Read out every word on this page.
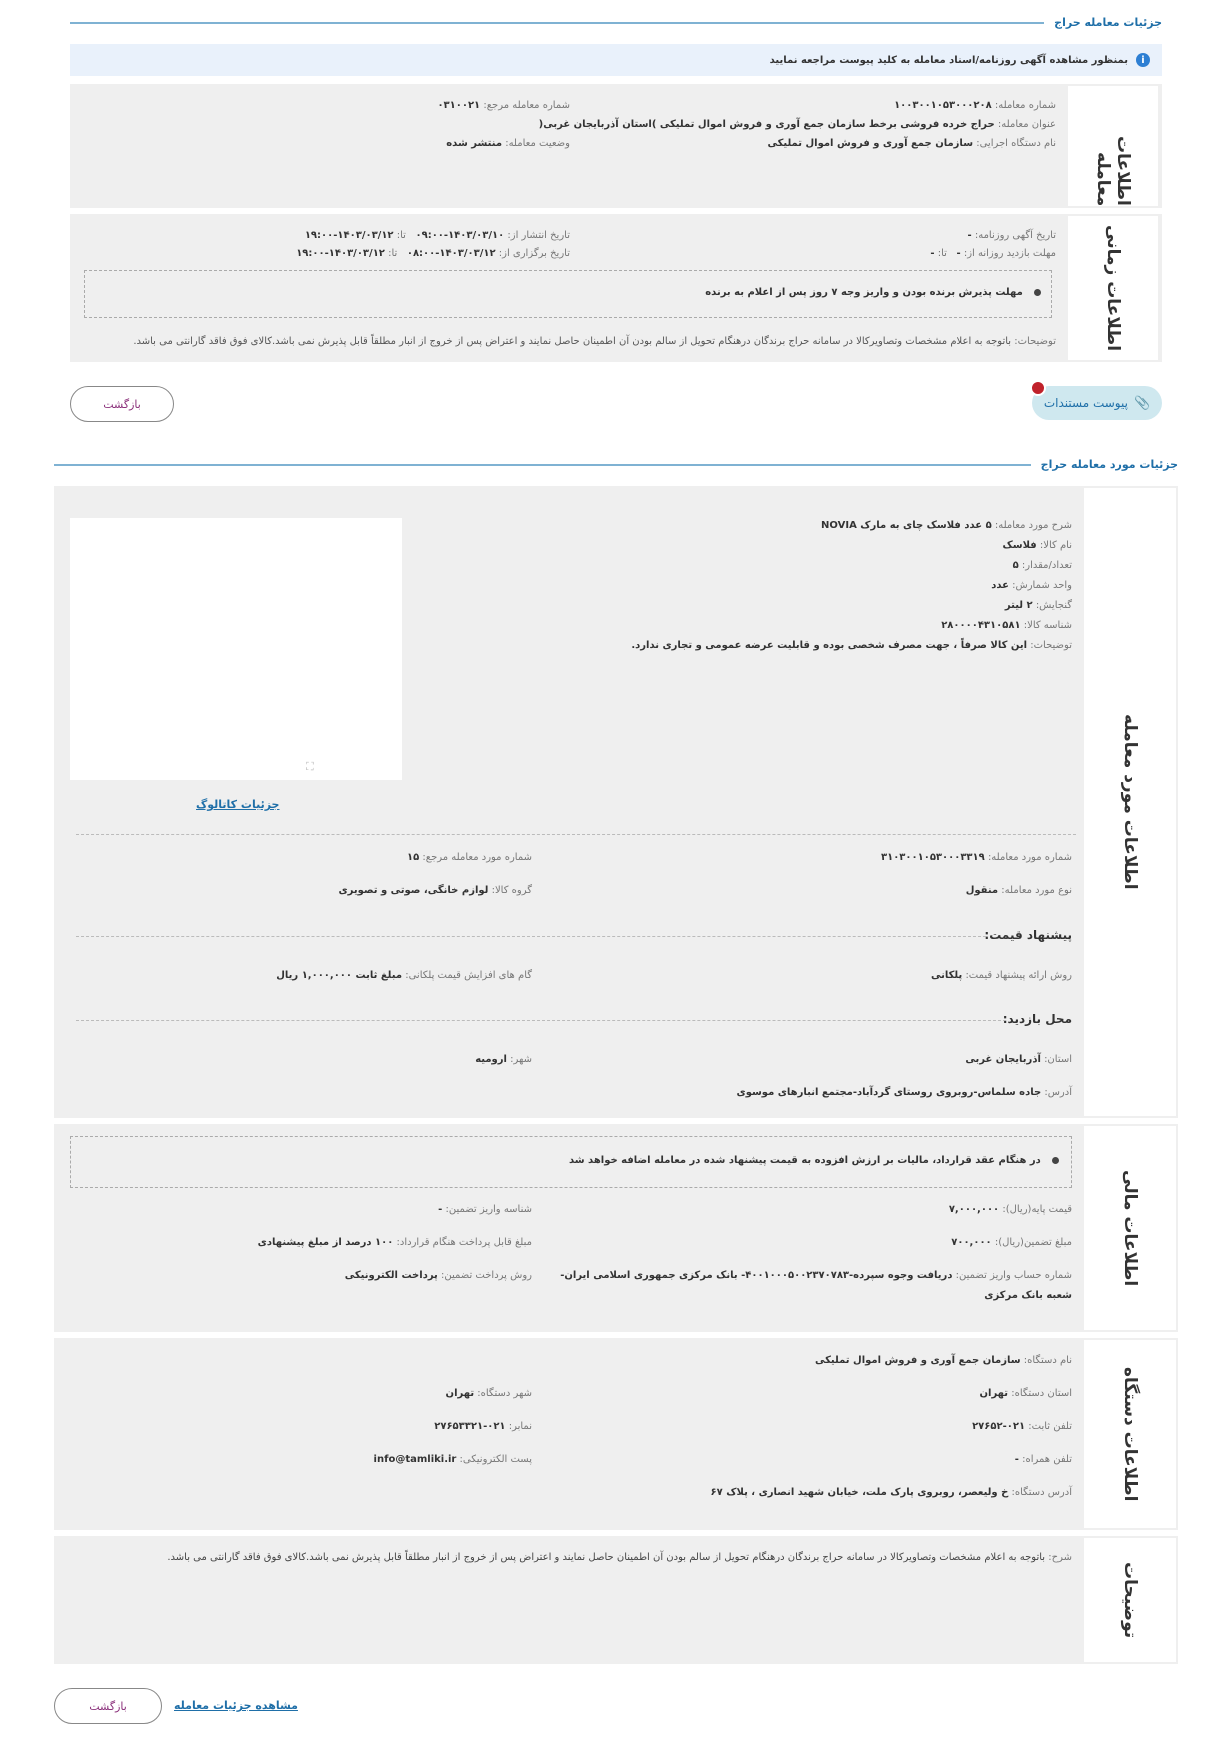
جزئیات معامله حراج
i
بمنظور مشاهده آگهی روزنامه/اسناد معامله به کلید پیوست مراجعه نمایید
اطلاعات معامله
شماره معامله: ۱۰۰۳۰۰۱۰۵۳۰۰۰۲۰۸
شماره معامله مرجع: ۰۳۱۰۰۲۱
عنوان معامله: حراج خرده فروشی برخط سازمان جمع آوری و فروش اموال تملیکی )استان آذربایجان غربی(
نام دستگاه اجرایی: سازمان جمع آوری و فروش اموال تملیکی
وضعیت معامله: منتشر شده
اطلاعات زمانی
تاریخ آگهی روزنامه: -
تاریخ انتشار از: ۱۴۰۳/۰۳/۱۰-۰۹:۰۰   تا: ۱۴۰۳/۰۳/۱۲-۱۹:۰۰
مهلت بازدید روزانه از: -   تا: -
تاریخ برگزاری از: ۱۴۰۳/۰۳/۱۲-۰۸:۰۰   تا: ۱۴۰۳/۰۳/۱۲-۱۹:۰۰
مهلت پذیرش برنده بودن و واریز وجه ۷ روز پس از اعلام به برنده
توضیحات: باتوجه به اعلام مشخصات وتصاویرکالا در سامانه حراج برندگان درهنگام تحویل از سالم بودن آن اطمینان حاصل نمایند و اعتراض پس از خروج از انبار مطلقاً قابل پذیرش نمی باشد.کالای فوق فاقد گارانتی می باشد.
📎
پیوست مستندات
بازگشت
جزئیات مورد معامله حراج
اطلاعات مورد معامله
شرح مورد معامله: ۵ عدد فلاسک چای به مارک NOVIA
نام کالا: فلاسک
تعداد/مقدار: ۵
واحد شمارش: عدد
گنجایش: ۲ لیتر
شناسه کالا: ۲۸۰۰۰۰۴۳۱۰۵۸۱
توضیحات: این کالا صرفاً ، جهت مصرف شخصی بوده و قابلیت عرضه عمومی و تجاری ندارد.
⛶
جزئیات کاتالوگ
شماره مورد معامله: ۳۱۰۳۰۰۱۰۵۳۰۰۰۳۳۱۹
شماره مورد معامله مرجع: ۱۵
نوع مورد معامله: منقول
گروه کالا: لوازم خانگی، صوتی و تصویری
پیشنهاد قیمت:
روش ارائه پیشنهاد قیمت: پلکانی
گام های افزایش قیمت پلکانی: مبلغ ثابت ۱,۰۰۰,۰۰۰ ریال
محل بازدید:
استان: آذربایجان غربی
شهر: ارومیه
آدرس: جاده سلماس-روبروی روستای گردآباد-مجتمع انبارهای موسوی
اطلاعات مالی
در هنگام عقد قرارداد، مالیات بر ارزش افزوده به قیمت پیشنهاد شده در معامله اضافه خواهد شد
قیمت پایه(ریال): ۷,۰۰۰,۰۰۰
شناسه واریز تضمین: -
مبلغ تضمین(ریال): ۷۰۰,۰۰۰
مبلغ قابل پرداخت هنگام قرارداد: ۱۰۰ درصد از مبلغ پیشنهادی
شماره حساب واریز تضمین: دریافت وجوه سپرده-۴۰۰۱۰۰۰۵۰۰۲۳۷۰۷۸۳- بانک مرکزی جمهوری اسلامی ایران-
شعبه بانک مرکزی
روش پرداخت تضمین: پرداخت الکترونیکی
اطلاعات دستگاه
نام دستگاه: سازمان جمع آوری و فروش اموال تملیکی
استان دستگاه: تهران
شهر دستگاه: تهران
تلفن ثابت: ۰۲۱-۲۷۶۵۲
نمابر: ۰۲۱-۲۷۶۵۳۳۲۱
تلفن همراه: -
پست الکترونیکی: info@tamliki.ir
آدرس دستگاه: خ ولیعصر، روبروی پارک ملت، خیابان شهید انصاری ، پلاک ۶۷
توضیحات
شرح: باتوجه به اعلام مشخصات وتصاویرکالا در سامانه حراج برندگان درهنگام تحویل از سالم بودن آن اطمینان حاصل نمایند و اعتراض پس از خروج از انبار مطلقاً قابل پذیرش نمی باشد.کالای فوق فاقد گارانتی می باشد.
بازگشت	مشاهده جزئیات معامله
